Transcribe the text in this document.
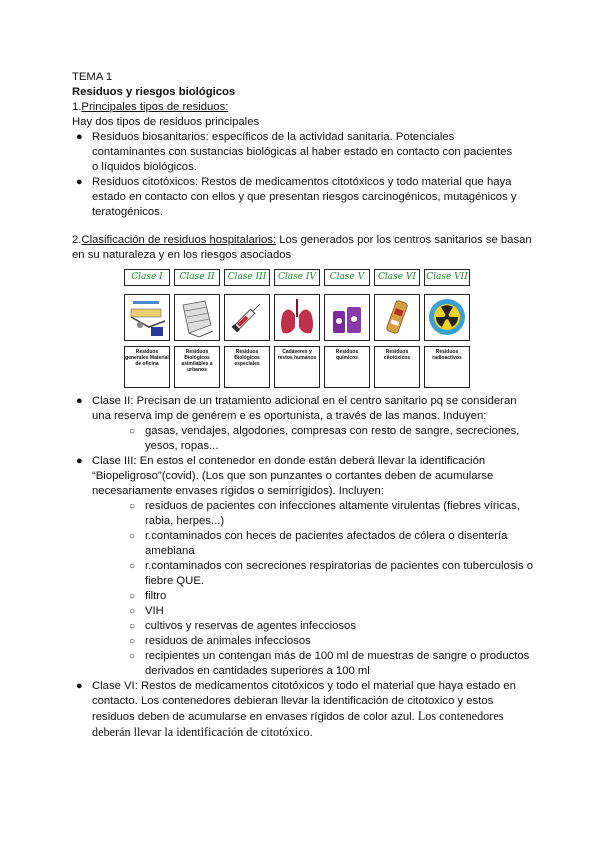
TEMA 1
Residuos y riesgos biológicos
1.Principales tipos de residuos:
Hay dos tipos de residuos principales
● Residuos biosanitarios: específicos de la actividad sanitaria. Potenciales
contaminantes con sustancias biológicas al haber estado en contacto con pacientes
o líquidos biológicos.
● Residuos citotóxicos: Restos de medicamentos citotóxicos y todo material que haya
estado en contacto con ellos y que presentan riesgos carcinogénicos, mutagénicos y
teratogénicos.
2.Clasificación de residuos hospitalarios: Los generados por los centros sanitarios se basan
en su naturaleza y en los riesgos asociados
Clase I
Residuos generales Material de oficina
Clase II
Residuos Biológicos asimilables a urbanos
Clase III
Residuos Biológicos especiales
Clase IV
Cadáveres y restos humanos
Clase V
Residuos químicos
Clase VI
Residuos citotóxicos
Clase VII
Residuos radioactivos
● Clase II: Precisan de un tratamiento adicional en el centro sanitario pq se consideran
una reserva imp de genérem e es oportunista, a través de las manos. Induyen:
○ gasas, vendajes, algodones, compresas con resto de sangre, secreciones,
yesos, ropas...
● Clase III: En estos el contenedor en donde están deberá llevar la identificación
“Biopeligroso”(covid). (Los que son punzantes o cortantes deben de acumularse
necesariamente envases rígidos o semirrígidos). Incluyen:
○ residuos de pacientes con infecciones altamente virulentas (fiebres víricas,
rabia, herpes...)
○ r.contaminados con heces de pacientes afectados de cólera o disentería
amebiana
○ r.contaminados con secreciones respiratorias de pacientes con tuberculosis o
fiebre QUE.
○ filtro
○ VIH
○ cultivos y reservas de agentes infecciosos
○ residuos de animales infecciosos
○ recipientes un contengan más de 100 ml de muestras de sangre o productos
derivados en cantidades superiores a 100 ml
● Clase VI: Restos de medicamentos citotóxicos y todo el material que haya estado en
contacto. Los contenedores debieran llevar la identificación de citotoxico y estos
residuos deben de acumularse en envases rígidos de color azul. Los contenedores
deberán llevar la identificación de citotóxico.
